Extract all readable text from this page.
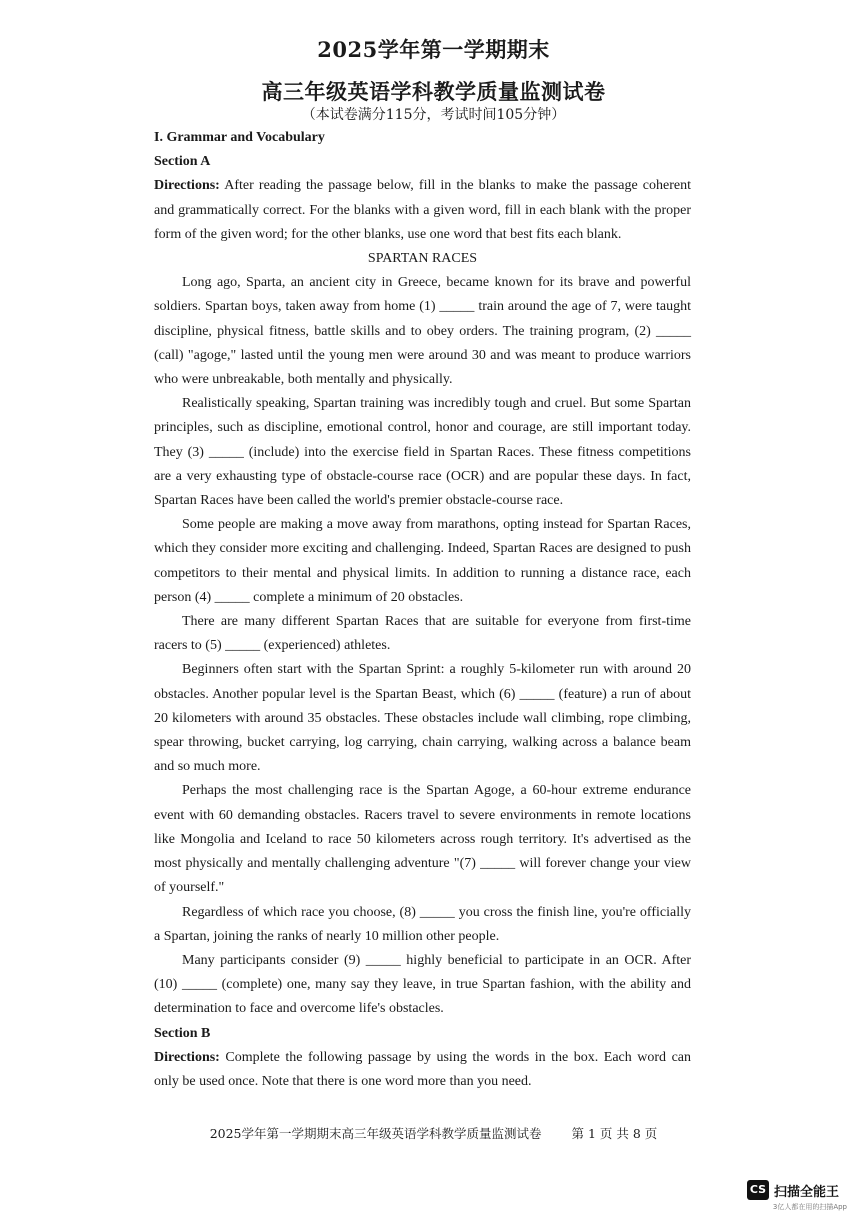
2025学年第一学期期末
高三年级英语学科教学质量监测试卷
（本试卷满分115分，考试时间105分钟）

I. Grammar and Vocabulary

Section A

Directions: After reading the passage below, fill in the blanks to make the passage coherent and grammatically correct. For the blanks with a given word, fill in each blank with the proper form of the given word; for the other blanks, use one word that best fits each blank.

SPARTAN RACES

Long ago, Sparta, an ancient city in Greece, became known for its brave and powerful soldiers. Spartan boys, taken away from home (1) _____ train around the age of 7, were taught discipline, physical fitness, battle skills and to obey orders. The training program, (2) _____ (call) "agoge," lasted until the young men were around 30 and was meant to produce warriors who were unbreakable, both mentally and physically.

Realistically speaking, Spartan training was incredibly tough and cruel. But some Spartan principles, such as discipline, emotional control, honor and courage, are still important today. They (3) _____ (include) into the exercise field in Spartan Races. These fitness competitions are a very exhausting type of obstacle-course race (OCR) and are popular these days. In fact, Spartan Races have been called the world's premier obstacle-course race.

Some people are making a move away from marathons, opting instead for Spartan Races, which they consider more exciting and challenging. Indeed, Spartan Races are designed to push competitors to their mental and physical limits. In addition to running a distance race, each person (4) _____ complete a minimum of 20 obstacles.

There are many different Spartan Races that are suitable for everyone from first-time racers to (5) _____ (experienced) athletes.

Beginners often start with the Spartan Sprint: a roughly 5-kilometer run with around 20 obstacles. Another popular level is the Spartan Beast, which (6) _____ (feature) a run of about 20 kilometers with around 35 obstacles. These obstacles include wall climbing, rope climbing, spear throwing, bucket carrying, log carrying, chain carrying, walking across a balance beam and so much more.

Perhaps the most challenging race is the Spartan Agoge, a 60-hour extreme endurance event with 60 demanding obstacles. Racers travel to severe environments in remote locations like Mongolia and Iceland to race 50 kilometers across rough territory. It's advertised as the most physically and mentally challenging adventure "(7) _____ will forever change your view of yourself."

Regardless of which race you choose, (8) _____ you cross the finish line, you're officially a Spartan, joining the ranks of nearly 10 million other people.

Many participants consider (9) _____ highly beneficial to participate in an OCR. After (10) _____ (complete) one, many say they leave, in true Spartan fashion, with the ability and determination to face and overcome life's obstacles.

Section B

Directions: Complete the following passage by using the words in the box. Each word can only be used once. Note that there is one word more than you need.

2025学年第一学期期末高三年级英语学科教学质量监测试卷 第 1 页 共 8 页
CS 扫描全能王
3亿人都在用的扫描App
